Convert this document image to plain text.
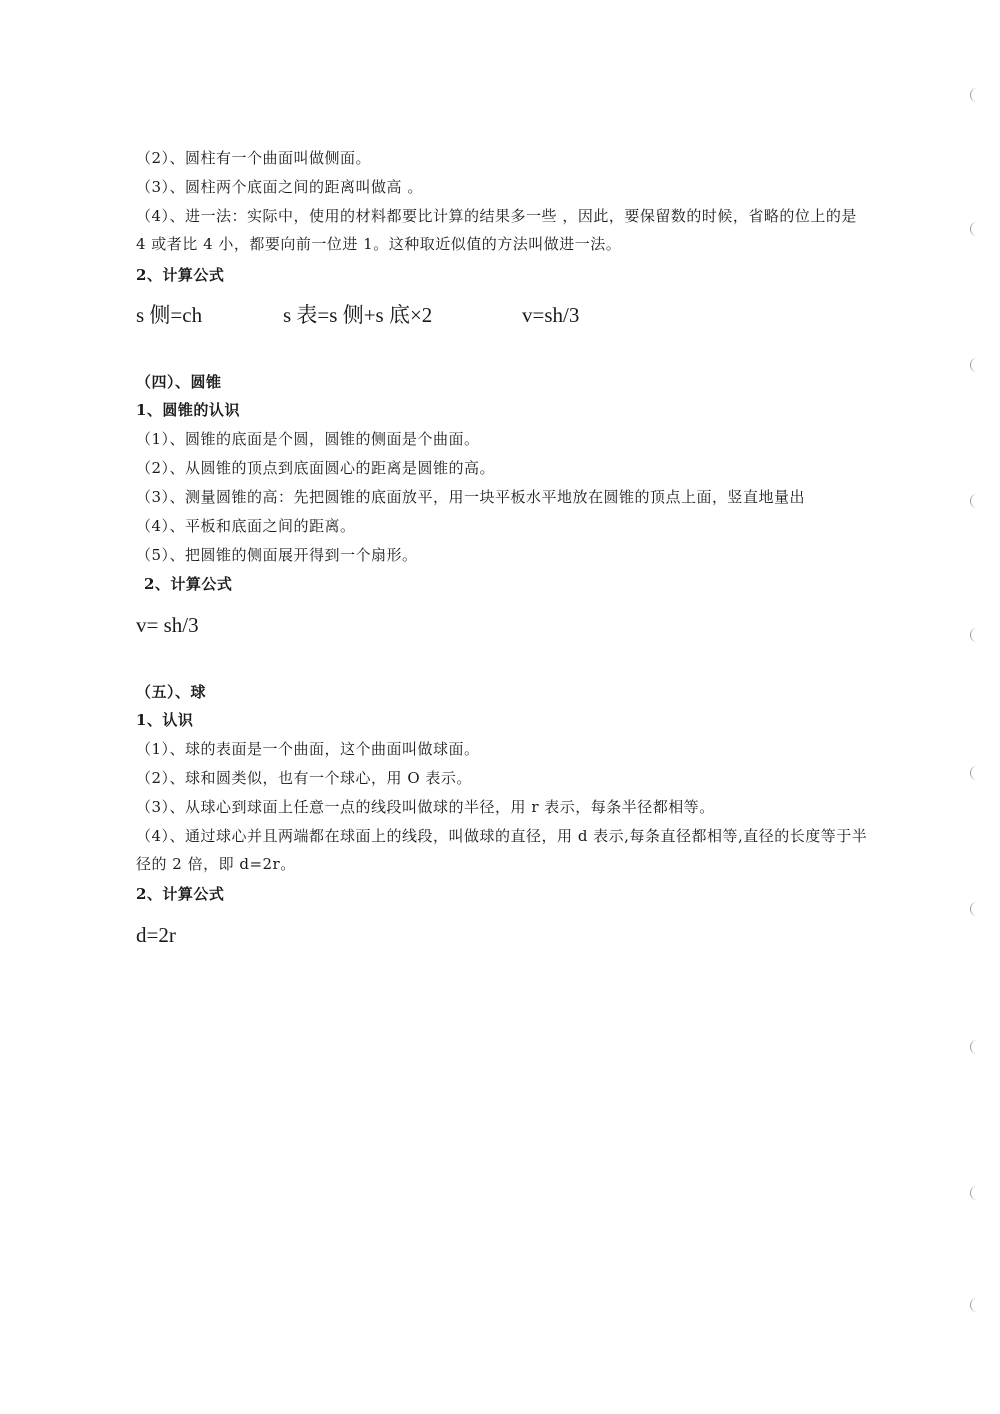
（2）、圆柱有一个曲面叫做侧面。
（3）、圆柱两个底面之间的距离叫做高 。
（4）、进一法：实际中，使用的材料都要比计算的结果多一些 ，因此，要保留数的时候，省略的位上的是 4 或者比 4 小，都要向前一位进 1。这种取近似值的方法叫做进一法。
2、计算公式
s 侧=ch	s 表=s 侧+s 底×2	v=sh/3
（四）、圆锥
1、圆锥的认识
（1）、圆锥的底面是个圆，圆锥的侧面是个曲面。
（2）、从圆锥的顶点到底面圆心的距离是圆锥的高。
（3）、测量圆锥的高：先把圆锥的底面放平，用一块平板水平地放在圆锥的顶点上面，竖直地量出
（4）、平板和底面之间的距离。
（5）、把圆锥的侧面展开得到一个扇形。
2、计算公式
v= sh/3
（五）、球
1、认识
（1）、球的表面是一个曲面，这个曲面叫做球面。
（2）、球和圆类似，也有一个球心，用 O 表示。
（3）、从球心到球面上任意一点的线段叫做球的半径，用 r 表示，每条半径都相等。
（4）、通过球心并且两端都在球面上的线段，叫做球的直径，用 d 表示,每条直径都相等,直径的长度等于半径的 2 倍，即 d=2r。
2、计算公式
d=2r
